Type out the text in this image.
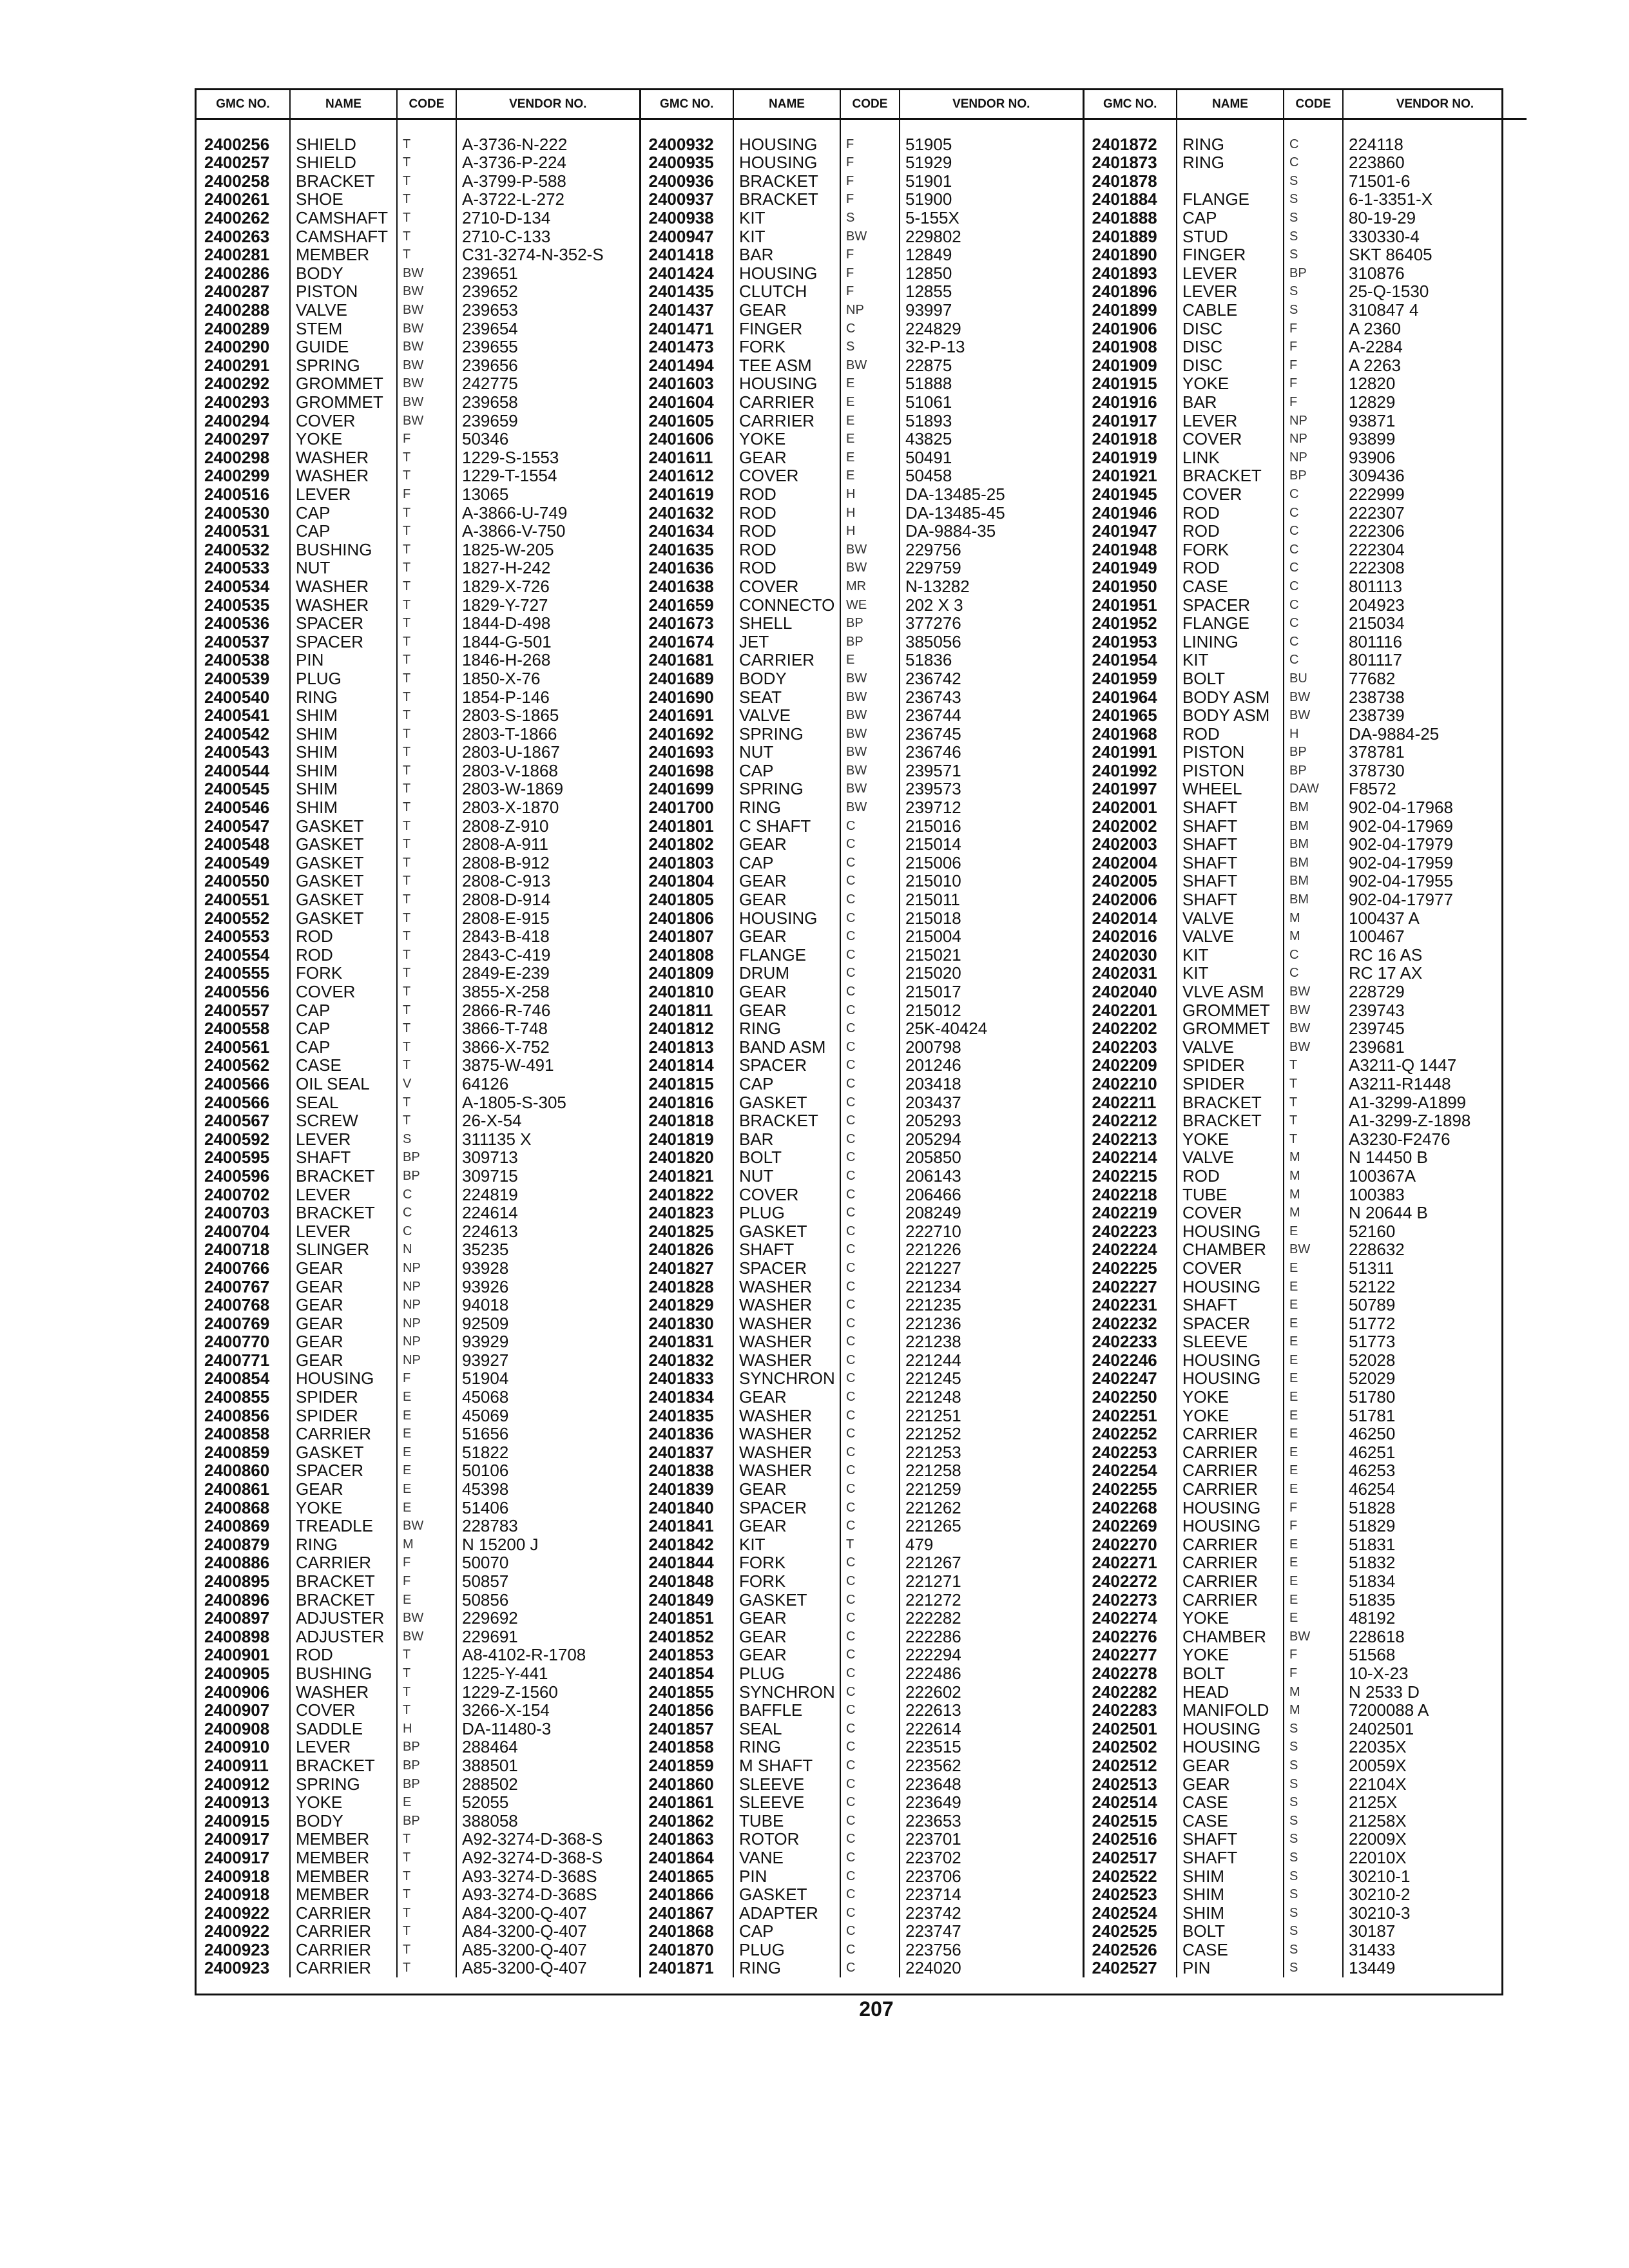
GMC NO.	NAME	CODE	VENDOR NO.	GMC NO.	NAME	CODE	VENDOR NO.	GMC NO.	NAME	CODE	VENDOR NO.
2400256	SHIELD	T	A-3736-N-222	2400932	HOUSING	F	51905	2401872	RING	C	224118
2400257	SHIELD	T	A-3736-P-224	2400935	HOUSING	F	51929	2401873	RING	C	223860
2400258	BRACKET	T	A-3799-P-588	2400936	BRACKET	F	51901	2401878		S	71501-6
2400261	SHOE	T	A-3722-L-272	2400937	BRACKET	F	51900	2401884	FLANGE	S	6-1-3351-X
2400262	CAMSHAFT	T	2710-D-134	2400938	KIT	S	5-155X	2401888	CAP	S	80-19-29
2400263	CAMSHAFT	T	2710-C-133	2400947	KIT	BW	229802	2401889	STUD	S	330330-4
2400281	MEMBER	T	C31-3274-N-352-S	2401418	BAR	F	12849	2401890	FINGER	S	SKT 86405
2400286	BODY	BW	239651	2401424	HOUSING	F	12850	2401893	LEVER	BP	310876
2400287	PISTON	BW	239652	2401435	CLUTCH	F	12855	2401896	LEVER	S	25-Q-1530
2400288	VALVE	BW	239653	2401437	GEAR	NP	93997	2401899	CABLE	S	310847 4
2400289	STEM	BW	239654	2401471	FINGER	C	224829	2401906	DISC	F	A 2360
2400290	GUIDE	BW	239655	2401473	FORK	S	32-P-13	2401908	DISC	F	A-2284
2400291	SPRING	BW	239656	2401494	TEE ASM	BW	22875	2401909	DISC	F	A 2263
2400292	GROMMET	BW	242775	2401603	HOUSING	E	51888	2401915	YOKE	F	12820
2400293	GROMMET	BW	239658	2401604	CARRIER	E	51061	2401916	BAR	F	12829
2400294	COVER	BW	239659	2401605	CARRIER	E	51893	2401917	LEVER	NP	93871
2400297	YOKE	F	50346	2401606	YOKE	E	43825	2401918	COVER	NP	93899
2400298	WASHER	T	1229-S-1553	2401611	GEAR	E	50491	2401919	LINK	NP	93906
2400299	WASHER	T	1229-T-1554	2401612	COVER	E	50458	2401921	BRACKET	BP	309436
2400516	LEVER	F	13065	2401619	ROD	H	DA-13485-25	2401945	COVER	C	222999
2400530	CAP	T	A-3866-U-749	2401632	ROD	H	DA-13485-45	2401946	ROD	C	222307
2400531	CAP	T	A-3866-V-750	2401634	ROD	H	DA-9884-35	2401947	ROD	C	222306
2400532	BUSHING	T	1825-W-205	2401635	ROD	BW	229756	2401948	FORK	C	222304
2400533	NUT	T	1827-H-242	2401636	ROD	BW	229759	2401949	ROD	C	222308
2400534	WASHER	T	1829-X-726	2401638	COVER	MR	N-13282	2401950	CASE	C	801113
2400535	WASHER	T	1829-Y-727	2401659	CONNECTO	WE	202 X 3	2401951	SPACER	C	204923
2400536	SPACER	T	1844-D-498	2401673	SHELL	BP	377276	2401952	FLANGE	C	215034
2400537	SPACER	T	1844-G-501	2401674	JET	BP	385056	2401953	LINING	C	801116
2400538	PIN	T	1846-H-268	2401681	CARRIER	E	51836	2401954	KIT	C	801117
2400539	PLUG	T	1850-X-76	2401689	BODY	BW	236742	2401959	BOLT	BU	77682
2400540	RING	T	1854-P-146	2401690	SEAT	BW	236743	2401964	BODY ASM	BW	238738
2400541	SHIM	T	2803-S-1865	2401691	VALVE	BW	236744	2401965	BODY ASM	BW	238739
2400542	SHIM	T	2803-T-1866	2401692	SPRING	BW	236745	2401968	ROD	H	DA-9884-25
2400543	SHIM	T	2803-U-1867	2401693	NUT	BW	236746	2401991	PISTON	BP	378781
2400544	SHIM	T	2803-V-1868	2401698	CAP	BW	239571	2401992	PISTON	BP	378730
2400545	SHIM	T	2803-W-1869	2401699	SPRING	BW	239573	2401997	WHEEL	DAW	F8572
2400546	SHIM	T	2803-X-1870	2401700	RING	BW	239712	2402001	SHAFT	BM	902-04-17968
2400547	GASKET	T	2808-Z-910	2401801	C SHAFT	C	215016	2402002	SHAFT	BM	902-04-17969
2400548	GASKET	T	2808-A-911	2401802	GEAR	C	215014	2402003	SHAFT	BM	902-04-17979
2400549	GASKET	T	2808-B-912	2401803	CAP	C	215006	2402004	SHAFT	BM	902-04-17959
2400550	GASKET	T	2808-C-913	2401804	GEAR	C	215010	2402005	SHAFT	BM	902-04-17955
2400551	GASKET	T	2808-D-914	2401805	GEAR	C	215011	2402006	SHAFT	BM	902-04-17977
2400552	GASKET	T	2808-E-915	2401806	HOUSING	C	215018	2402014	VALVE	M	100437 A
2400553	ROD	T	2843-B-418	2401807	GEAR	C	215004	2402016	VALVE	M	100467
2400554	ROD	T	2843-C-419	2401808	FLANGE	C	215021	2402030	KIT	C	RC 16 AS
2400555	FORK	T	2849-E-239	2401809	DRUM	C	215020	2402031	KIT	C	RC 17 AX
2400556	COVER	T	3855-X-258	2401810	GEAR	C	215017	2402040	VLVE ASM	BW	228729
2400557	CAP	T	2866-R-746	2401811	GEAR	C	215012	2402201	GROMMET	BW	239743
2400558	CAP	T	3866-T-748	2401812	RING	C	25K-40424	2402202	GROMMET	BW	239745
2400561	CAP	T	3866-X-752	2401813	BAND ASM	C	200798	2402203	VALVE	BW	239681
2400562	CASE	T	3875-W-491	2401814	SPACER	C	201246	2402209	SPIDER	T	A3211-Q 1447
2400566	OIL SEAL	V	64126	2401815	CAP	C	203418	2402210	SPIDER	T	A3211-R1448
2400566	SEAL	T	A-1805-S-305	2401816	GASKET	C	203437	2402211	BRACKET	T	A1-3299-A1899
2400567	SCREW	T	26-X-54	2401818	BRACKET	C	205293	2402212	BRACKET	T	A1-3299-Z-1898
2400592	LEVER	S	311135 X	2401819	BAR	C	205294	2402213	YOKE	T	A3230-F2476
2400595	SHAFT	BP	309713	2401820	BOLT	C	205850	2402214	VALVE	M	N 14450 B
2400596	BRACKET	BP	309715	2401821	NUT	C	206143	2402215	ROD	M	100367A
2400702	LEVER	C	224819	2401822	COVER	C	206466	2402218	TUBE	M	100383
2400703	BRACKET	C	224614	2401823	PLUG	C	208249	2402219	COVER	M	N 20644 B
2400704	LEVER	C	224613	2401825	GASKET	C	222710	2402223	HOUSING	E	52160
2400718	SLINGER	N	35235	2401826	SHAFT	C	221226	2402224	CHAMBER	BW	228632
2400766	GEAR	NP	93928	2401827	SPACER	C	221227	2402225	COVER	E	51311
2400767	GEAR	NP	93926	2401828	WASHER	C	221234	2402227	HOUSING	E	52122
2400768	GEAR	NP	94018	2401829	WASHER	C	221235	2402231	SHAFT	E	50789
2400769	GEAR	NP	92509	2401830	WASHER	C	221236	2402232	SPACER	E	51772
2400770	GEAR	NP	93929	2401831	WASHER	C	221238	2402233	SLEEVE	E	51773
2400771	GEAR	NP	93927	2401832	WASHER	C	221244	2402246	HOUSING	E	52028
2400854	HOUSING	F	51904	2401833	SYNCHRON	C	221245	2402247	HOUSING	E	52029
2400855	SPIDER	E	45068	2401834	GEAR	C	221248	2402250	YOKE	E	51780
2400856	SPIDER	E	45069	2401835	WASHER	C	221251	2402251	YOKE	E	51781
2400858	CARRIER	E	51656	2401836	WASHER	C	221252	2402252	CARRIER	E	46250
2400859	GASKET	E	51822	2401837	WASHER	C	221253	2402253	CARRIER	E	46251
2400860	SPACER	E	50106	2401838	WASHER	C	221258	2402254	CARRIER	E	46253
2400861	GEAR	E	45398	2401839	GEAR	C	221259	2402255	CARRIER	E	46254
2400868	YOKE	E	51406	2401840	SPACER	C	221262	2402268	HOUSING	F	51828
2400869	TREADLE	BW	228783	2401841	GEAR	C	221265	2402269	HOUSING	F	51829
2400879	RING	M	N 15200 J	2401842	KIT	T	479	2402270	CARRIER	E	51831
2400886	CARRIER	F	50070	2401844	FORK	C	221267	2402271	CARRIER	E	51832
2400895	BRACKET	F	50857	2401848	FORK	C	221271	2402272	CARRIER	E	51834
2400896	BRACKET	E	50856	2401849	GASKET	C	221272	2402273	CARRIER	E	51835
2400897	ADJUSTER	BW	229692	2401851	GEAR	C	222282	2402274	YOKE	E	48192
2400898	ADJUSTER	BW	229691	2401852	GEAR	C	222286	2402276	CHAMBER	BW	228618
2400901	ROD	T	A8-4102-R-1708	2401853	GEAR	C	222294	2402277	YOKE	F	51568
2400905	BUSHING	T	1225-Y-441	2401854	PLUG	C	222486	2402278	BOLT	F	10-X-23
2400906	WASHER	T	1229-Z-1560	2401855	SYNCHRON	C	222602	2402282	HEAD	M	N 2533 D
2400907	COVER	T	3266-X-154	2401856	BAFFLE	C	222613	2402283	MANIFOLD	M	7200088 A
2400908	SADDLE	H	DA-11480-3	2401857	SEAL	C	222614	2402501	HOUSING	S	2402501
2400910	LEVER	BP	288464	2401858	RING	C	223515	2402502	HOUSING	S	22035X
2400911	BRACKET	BP	388501	2401859	M SHAFT	C	223562	2402512	GEAR	S	20059X
2400912	SPRING	BP	288502	2401860	SLEEVE	C	223648	2402513	GEAR	S	22104X
2400913	YOKE	E	52055	2401861	SLEEVE	C	223649	2402514	CASE	S	2125X
2400915	BODY	BP	388058	2401862	TUBE	C	223653	2402515	CASE	S	21258X
2400917	MEMBER	T	A92-3274-D-368-S	2401863	ROTOR	C	223701	2402516	SHAFT	S	22009X
2400917	MEMBER	T	A92-3274-D-368-S	2401864	VANE	C	223702	2402517	SHAFT	S	22010X
2400918	MEMBER	T	A93-3274-D-368S	2401865	PIN	C	223706	2402522	SHIM	S	30210-1
2400918	MEMBER	T	A93-3274-D-368S	2401866	GASKET	C	223714	2402523	SHIM	S	30210-2
2400922	CARRIER	T	A84-3200-Q-407	2401867	ADAPTER	C	223742	2402524	SHIM	S	30210-3
2400922	CARRIER	T	A84-3200-Q-407	2401868	CAP	C	223747	2402525	BOLT	S	30187
2400923	CARRIER	T	A85-3200-Q-407	2401870	PLUG	C	223756	2402526	CASE	S	31433
2400923	CARRIER	T	A85-3200-Q-407	2401871	RING	C	224020	2402527	PIN	S	13449
207
